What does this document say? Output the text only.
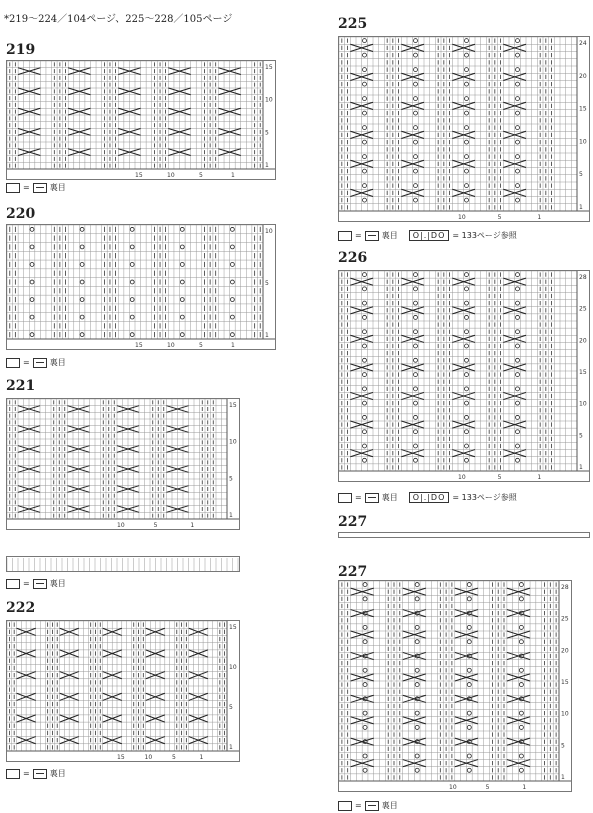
*219〜224／104ページ、225〜228／105ページ
219
15
10
5
1
15	10	5	1
=	裏目
220
10
5
1
15	10	5	1
=	裏目
221
15
10
5
1
10	5	1
=	裏目
222
15
10
5
1
15	10	5	1
=	裏目
225
24
20
15
10
5
1
10	5	1
=	裏目	O|.|DO = 133ページ参照
226
28
25
20
15
10
5
1
10	5	1
=	裏目	O|.|DO = 133ページ参照
227
227
28
25
20
15
10
5
1
10	5	1
=	裏目
